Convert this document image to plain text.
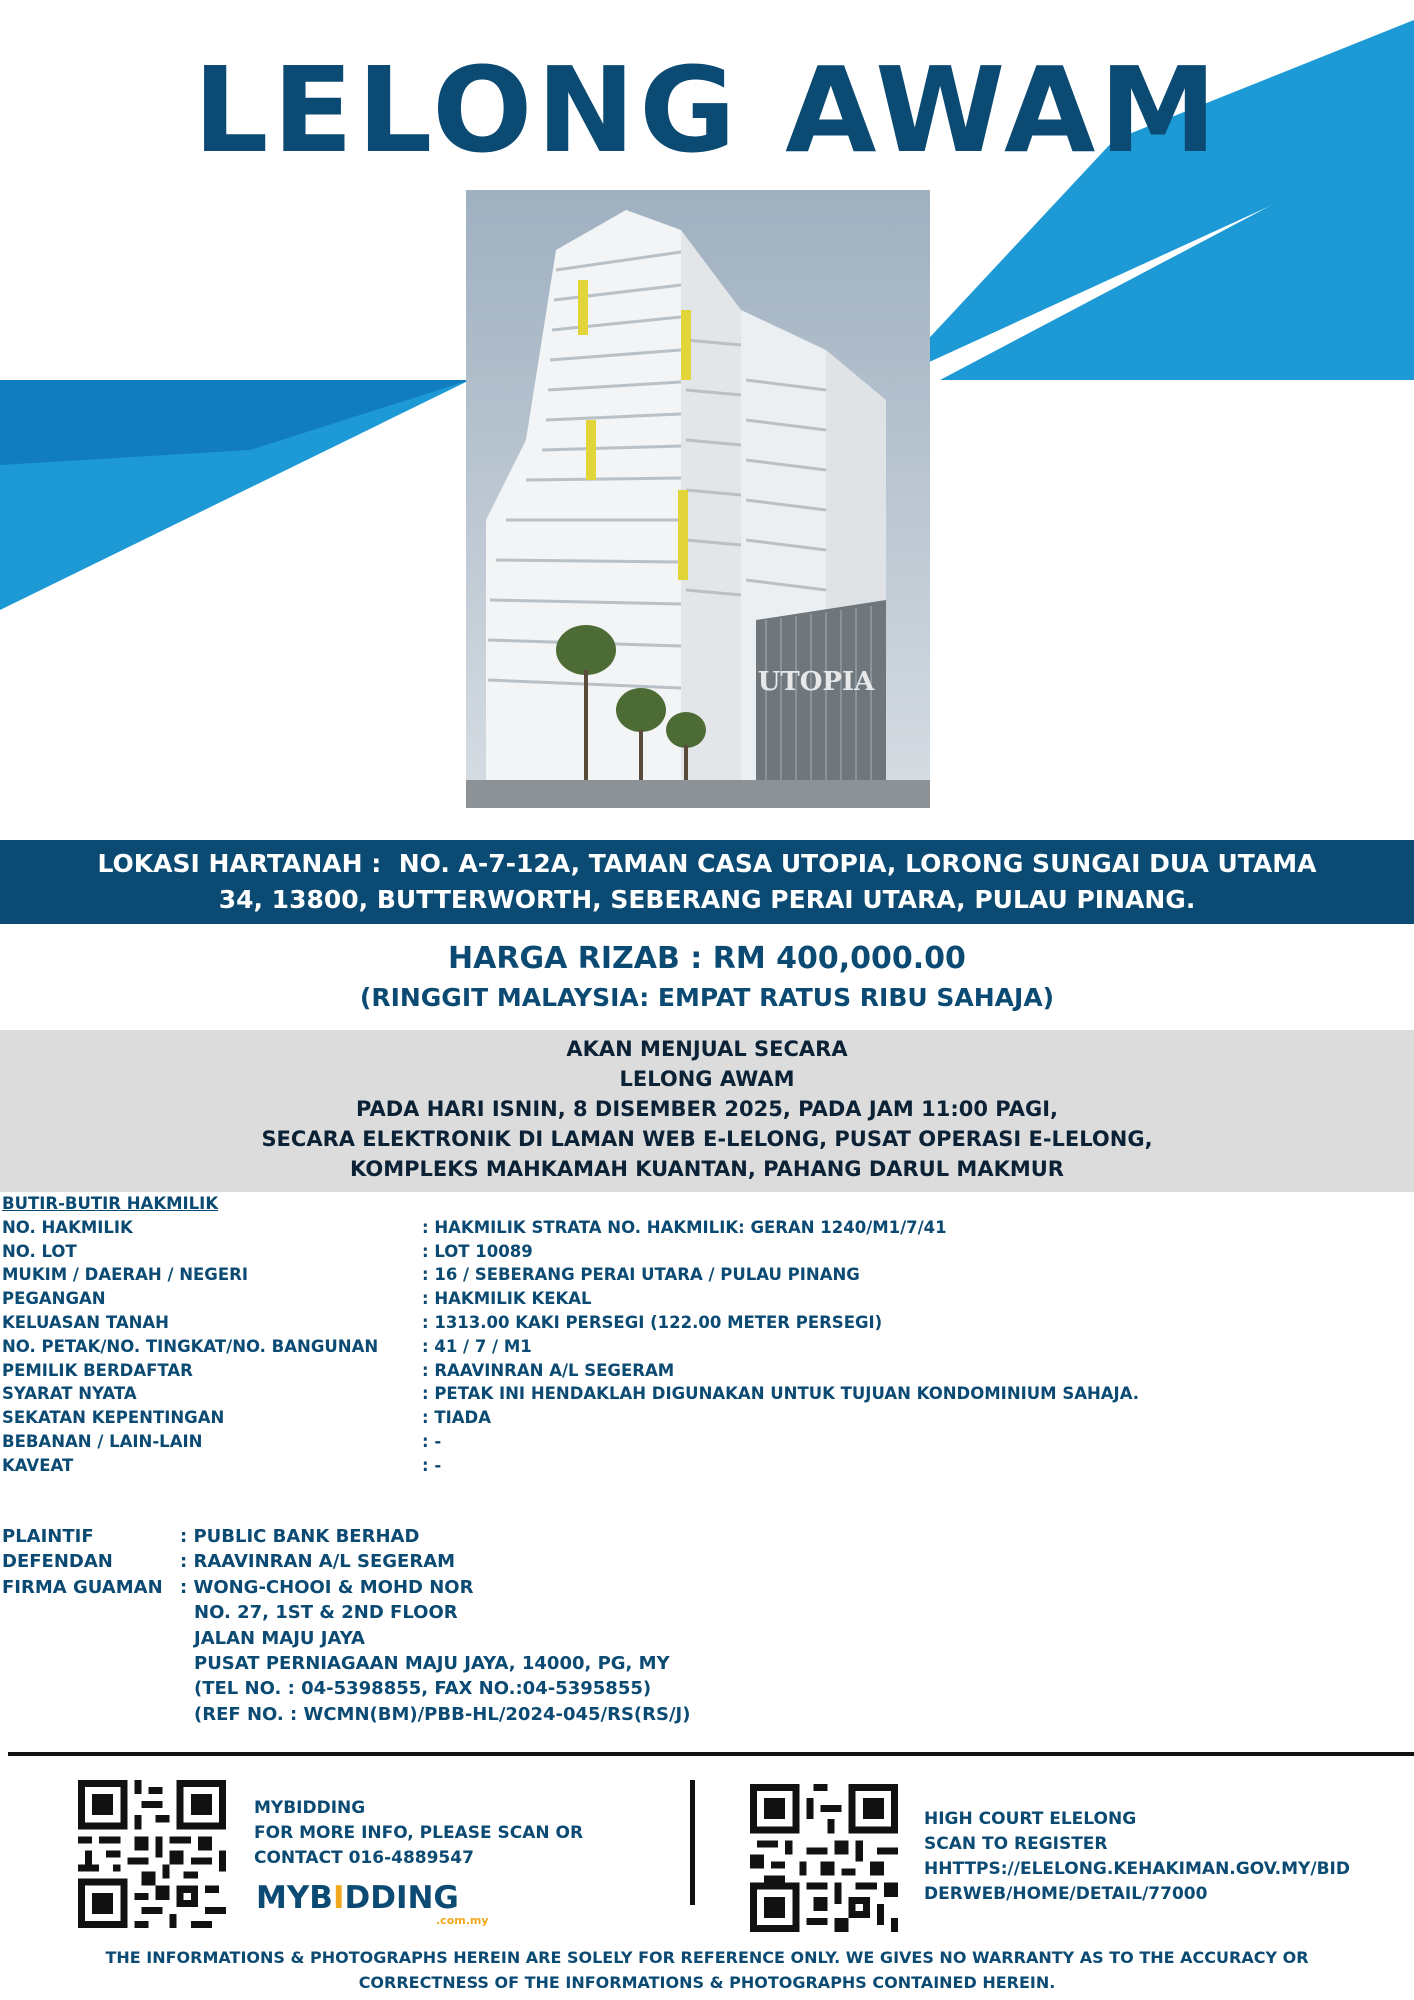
LELONG AWAM
UTOPIA
LOKASI HARTANAH : NO. A-7-12A, TAMAN CASA UTOPIA, LORONG SUNGAI DUA UTAMA
34, 13800, BUTTERWORTH, SEBERANG PERAI UTARA, PULAU PINANG.
HARGA RIZAB : RM 400,000.00
(RINGGIT MALAYSIA: EMPAT RATUS RIBU SAHAJA)
AKAN MENJUAL SECARA
LELONG AWAM
PADA HARI ISNIN, 8 DISEMBER 2025, PADA JAM 11:00 PAGI,
SECARA ELEKTRONIK DI LAMAN WEB E-LELONG, PUSAT OPERASI E-LELONG,
KOMPLEKS MAHKAMAH KUANTAN, PAHANG DARUL MAKMUR
BUTIR-BUTIR HAKMILIK
NO. HAKMILIK	: HAKMILIK STRATA NO. HAKMILIK: GERAN 1240/M1/7/41
NO. LOT	: LOT 10089
MUKIM / DAERAH / NEGERI	: 16 / SEBERANG PERAI UTARA / PULAU PINANG
PEGANGAN	: HAKMILIK KEKAL
KELUASAN TANAH	: 1313.00 KAKI PERSEGI (122.00 METER PERSEGI)
NO. PETAK/NO. TINGKAT/NO. BANGUNAN	: 41 / 7 / M1
PEMILIK BERDAFTAR	: RAAVINRAN A/L SEGERAM
SYARAT NYATA	: PETAK INI HENDAKLAH DIGUNAKAN UNTUK TUJUAN KONDOMINIUM SAHAJA.
SEKATAN KEPENTINGAN	: TIADA
BEBANAN / LAIN-LAIN	: -
KAVEAT	: -
PLAINTIF	: PUBLIC BANK BERHAD
DEFENDAN	: RAAVINRAN A/L SEGERAM
FIRMA GUAMAN : WONG-CHOOI & MOHD NOR
NO. 27, 1ST & 2ND FLOOR
JALAN MAJU JAYA
PUSAT PERNIAGAAN MAJU JAYA, 14000, PG, MY
(TEL NO. : 04-5398855, FAX NO.:04-5395855)
(REF NO. : WCMN(BM)/PBB-HL/2024-045/RS(RS/J)
MYBIDDING
FOR MORE INFO, PLEASE SCAN OR
CONTACT 016-4889547
MYBIDDING
.com.my
HIGH COURT ELELONG
SCAN TO REGISTER
HHTTPS://ELELONG.KEHAKIMAN.GOV.MY/BID
DERWEB/HOME/DETAIL/77000
THE INFORMATIONS & PHOTOGRAPHS HEREIN ARE SOLELY FOR REFERENCE ONLY. WE GIVES NO WARRANTY AS TO THE ACCURACY OR
CORRECTNESS OF THE INFORMATIONS & PHOTOGRAPHS CONTAINED HEREIN.
